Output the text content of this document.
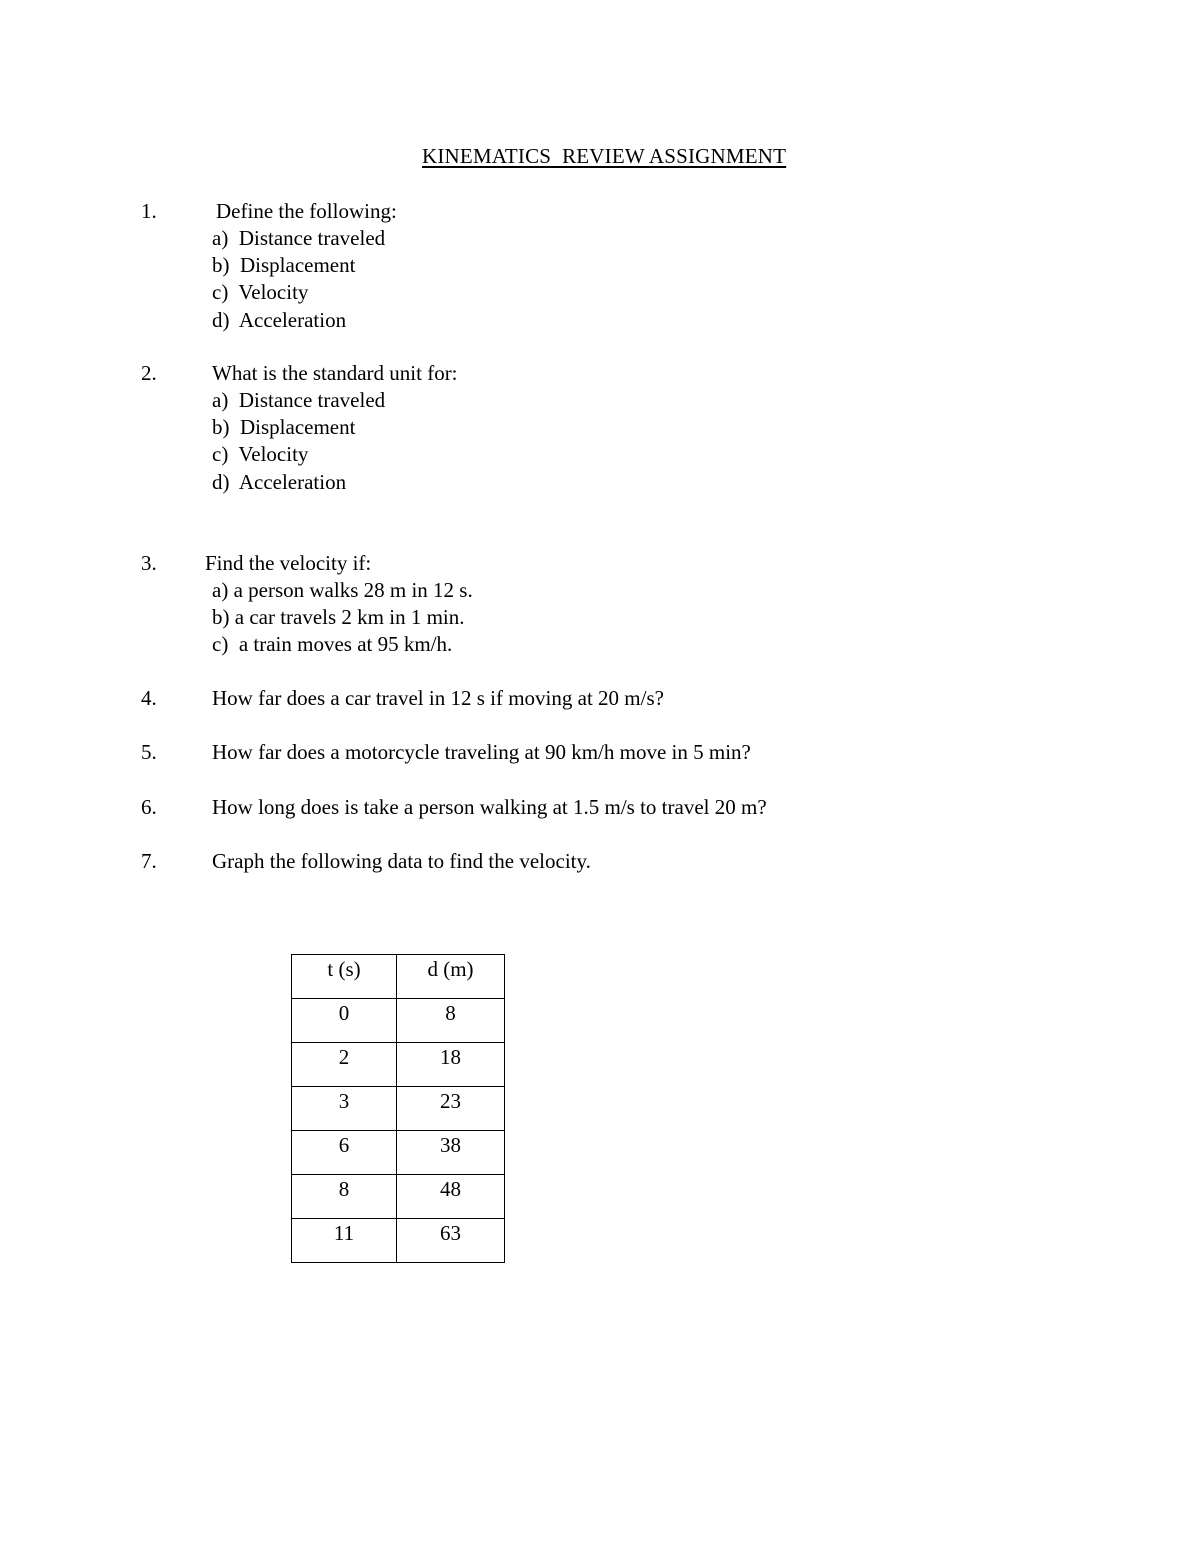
KINEMATICS  REVIEW ASSIGNMENT
1.	Define the following:
a)  Distance traveled
b)  Displacement
c)  Velocity
d)  Acceleration
2.	What is the standard unit for:
a)  Distance traveled
b)  Displacement
c)  Velocity
d)  Acceleration
3. Find the velocity if:
a) a person walks 28 m in 12 s.
b) a car travels 2 km in 1 min.
c)  a train moves at 95 km/h.
4.	How far does a car travel in 12 s if moving at 20 m/s?
5.	How far does a motorcycle traveling at 90 km/h move in 5 min?
6.	How long does is take a person walking at 1.5 m/s to travel 20 m?
7.	Graph the following data to find the velocity.
t (s)	d (m)
0	8
2	18
3	23
6	38
8	48
11	63
